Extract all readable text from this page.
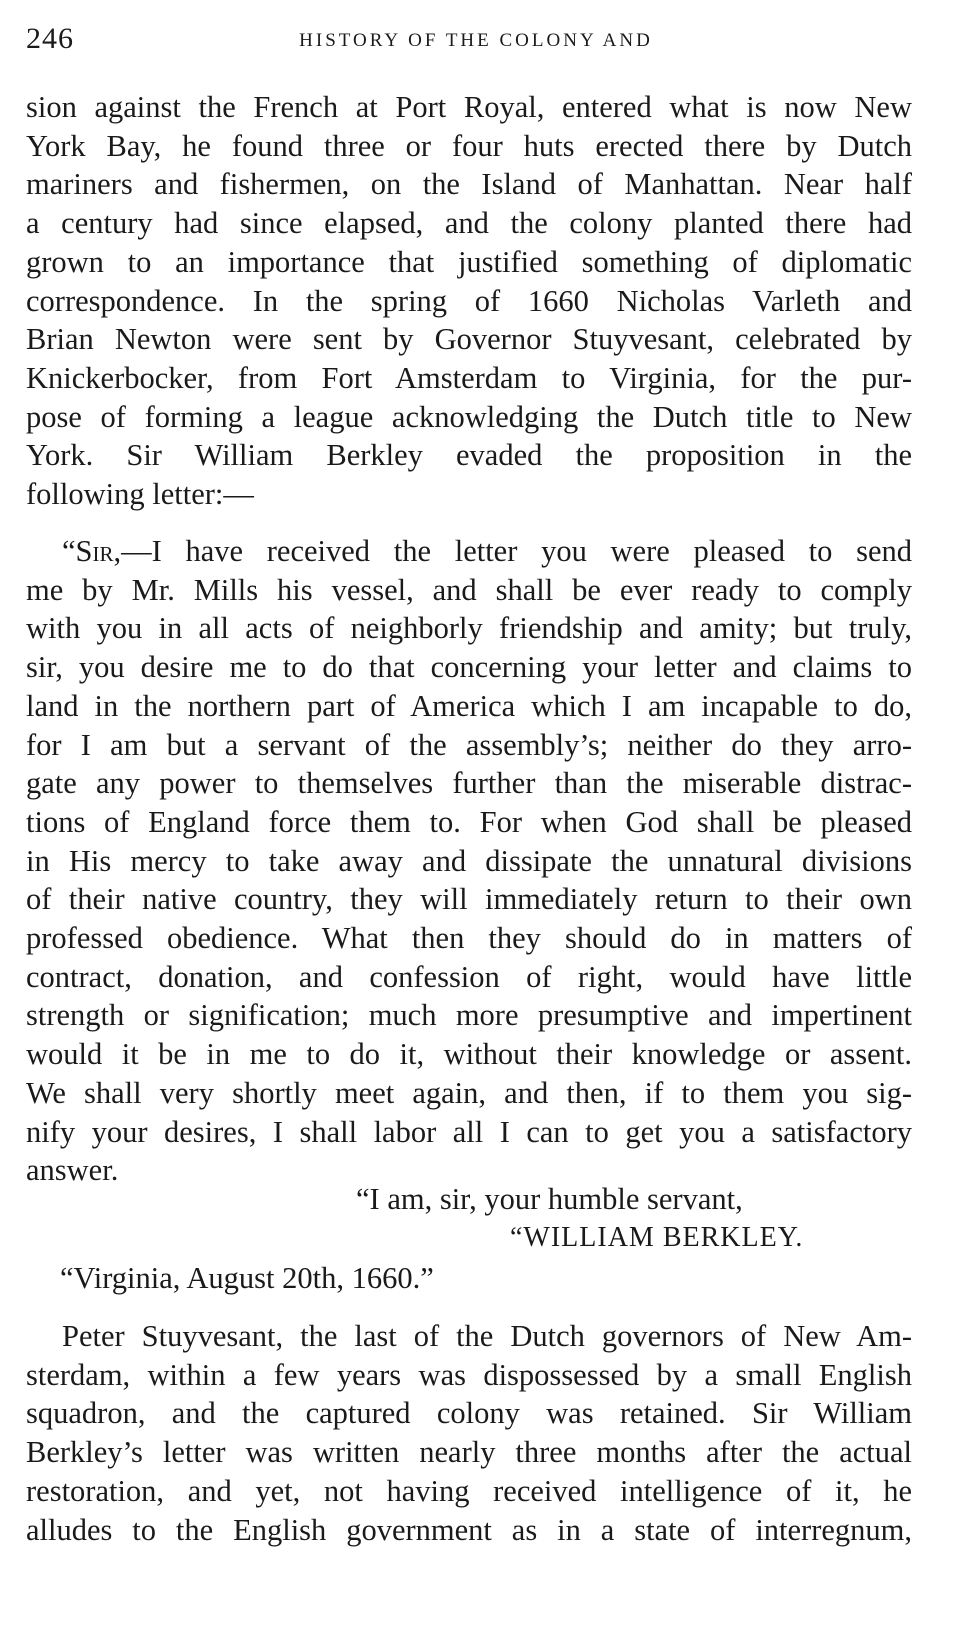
246	HISTORY OF THE COLONY AND

sion against the French at Port Royal, entered what is now New
York Bay, he found three or four huts erected there by Dutch
mariners and fishermen, on the Island of Manhattan. Near half
a century had since elapsed, and the colony planted there had
grown to an importance that justified something of diplomatic
correspondence. In the spring of 1660 Nicholas Varleth and
Brian Newton were sent by Governor Stuyvesant, celebrated by
Knickerbocker, from Fort Amsterdam to Virginia, for the pur-
pose of forming a league acknowledging the Dutch title to New
York. Sir William Berkley evaded the proposition in the
following letter:—

“Sir,—I have received the letter you were pleased to send
me by Mr. Mills his vessel, and shall be ever ready to comply
with you in all acts of neighborly friendship and amity; but truly,
sir, you desire me to do that concerning your letter and claims to
land in the northern part of America which I am incapable to do,
for I am but a servant of the assembly’s; neither do they arro-
gate any power to themselves further than the miserable distrac-
tions of England force them to. For when God shall be pleased
in His mercy to take away and dissipate the unnatural divisions
of their native country, they will immediately return to their own
professed obedience. What then they should do in matters of
contract, donation, and confession of right, would have little
strength or signification; much more presumptive and impertinent
would it be in me to do it, without their knowledge or assent.
We shall very shortly meet again, and then, if to them you sig-
nify your desires, I shall labor all I can to get you a satisfactory
answer.

“I am, sir, your humble servant,
“WILLIAM BERKLEY.
“Virginia, August 20th, 1660.”

Peter Stuyvesant, the last of the Dutch governors of New Am-
sterdam, within a few years was dispossessed by a small English
squadron, and the captured colony was retained. Sir William
Berkley’s letter was written nearly three months after the actual
restoration, and yet, not having received intelligence of it, he
alludes to the English government as in a state of interregnum,
